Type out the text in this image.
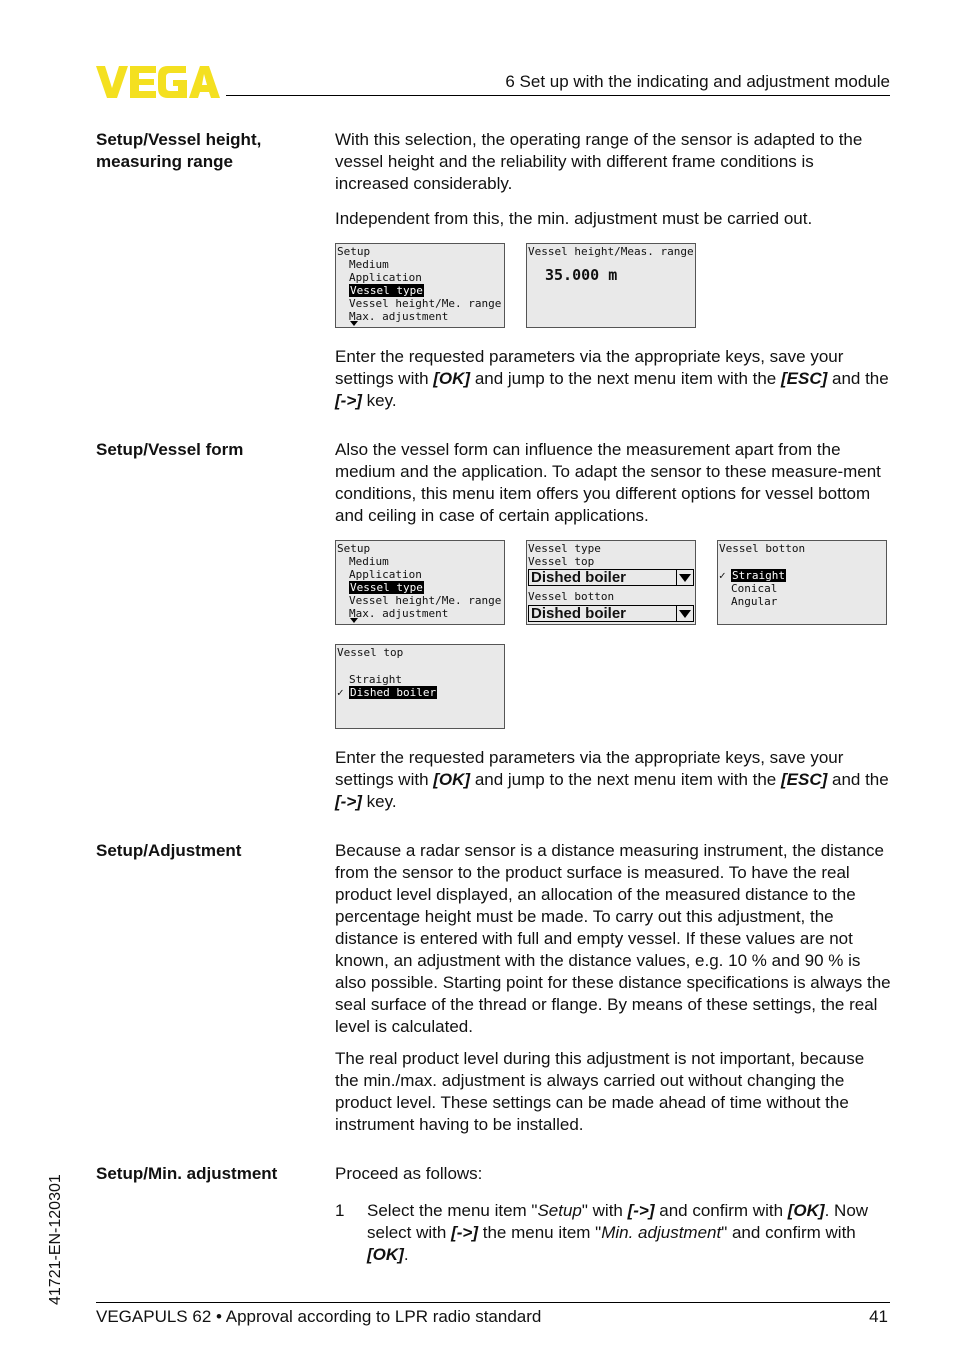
6 Set up with the indicating and adjustment module
Setup/Vessel height, measuring range

With this selection, the operating range of the sensor is adapted to the vessel height and the reliability with different frame conditions is increased considerably.

Independent from this, the min. adjustment must be carried out.

Setup
Medium
Application
Vessel type
Vessel height/Me. range
Max. adjustment
Vessel height/Meas. range
35.000 m

Enter the requested parameters via the appropriate keys, save your settings with [OK] and jump to the next menu item with the [ESC] and the [->] key.

Setup/Vessel form	Also the vessel form can influence the measurement apart from the medium and the application. To adapt the sensor to these measure-ment conditions, this menu item offers you different options for vessel bottom and ceiling in case of certain applications.

Setup
Medium
Application
Vessel type
Vessel height/Me. range
Max. adjustment
Vessel type
Vessel top
Dished boiler
Vessel botton
Dished boiler
Vessel botton
✓ Straight
Conical
Angular
Vessel top
Straight
✓ Dished boiler

Enter the requested parameters via the appropriate keys, save your settings with [OK] and jump to the next menu item with the [ESC] and the [->] key.

Setup/Adjustment	Because a radar sensor is a distance measuring instrument, the distance from the sensor to the product surface is measured. To have the real product level displayed, an allocation of the measured distance to the percentage height must be made. To carry out this adjustment, the distance is entered with full and empty vessel. If these values are not known, an adjustment with the distance values, e.g. 10 % and 90 % is also possible. Starting point for these distance specifications is always the seal surface of the thread or flange. By means of these settings, the real level is calculated.

The real product level during this adjustment is not important, because the min./max. adjustment is always carried out without changing the product level. These settings can be made ahead of time without the instrument having to be installed.

Setup/Min. adjustment	Proceed as follows:

1 Select the menu item "Setup" with [->] and confirm with [OK]. Now select with [->] the menu item "Min. adjustment" and confirm with [OK].
41721-EN-120301
VEGAPULS 62 • Approval according to LPR radio standard	41
